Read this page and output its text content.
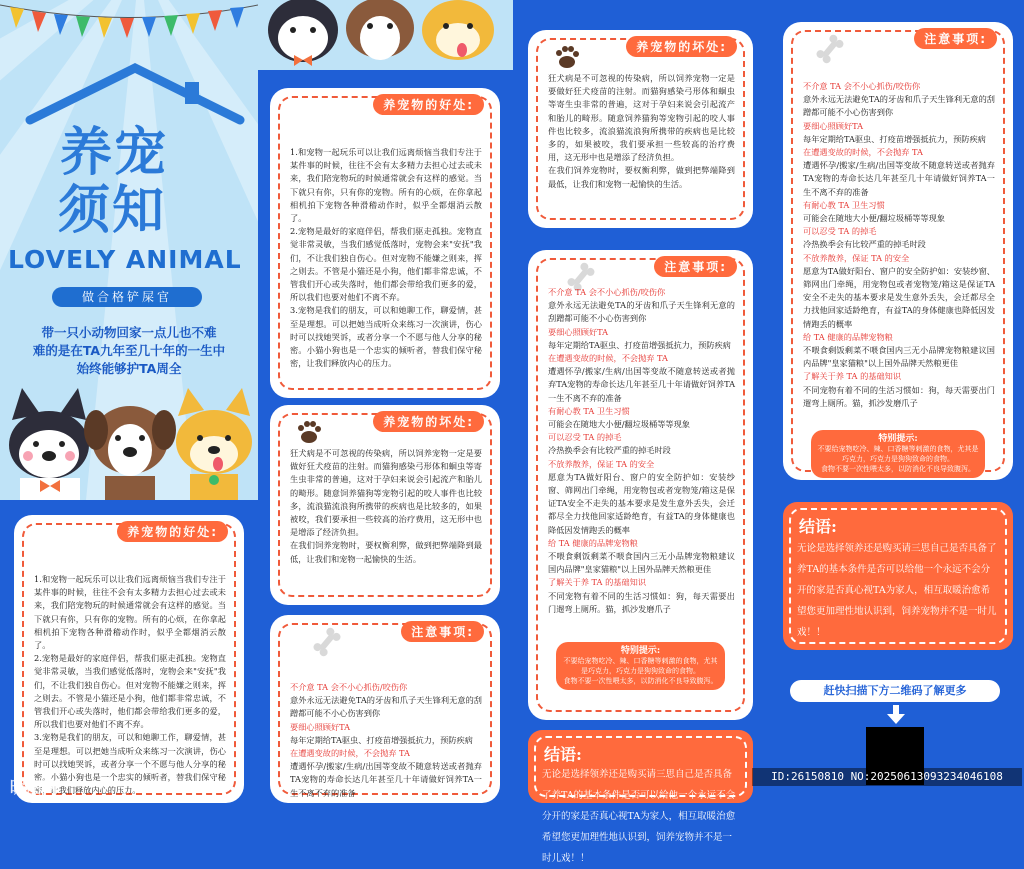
养宠
须知
LOVELY ANIMAL
做合格铲屎官
带一只小动物回家一点儿也不难
难的是在TA九年至几十年的一生中
始终能够护TA周全
养宠物的好处:

1.和宠物一起玩乐可以让我们远离烦恼当我们专注于某件事的时候，往往不会有太多精力去担心过去或未来，我们陪宠物玩的时候通常就会有这样的感觉。当下就只有你，只有你的宠物。所有的心烦，在你拿起相机拍下宠物各种滑稽动作时，似乎全都烟消云散了。

2.宠物是最好的家庭伴侣，帮我们驱走孤独。宠物直觉非常灵敏，当我们感觉低落时，宠物会来"安抚"我们，不让我们独自伤心。但对宠物不能嫌之则来，挥之则去。不管是小猫还是小狗，他们都非常忠诚，不管我们开心或失落时，他们都会带给我们更多的爱，所以我们也要对他们不离不弃。

3.宠物是我们的朋友，可以和她聊工作，聊爱情，甚至是理想。可以把她当成听众来练习一次演讲，伤心时可以找她哭诉，或者分享一个不愿与他人分享的秘密。小猫小狗也是一个忠实的倾听者，替我们保守秘密，让我们释放内心的压力。

养宠物的坏处:

狂犬病是不可忽视的传染病，所以饲养宠物一定是要做好狂犬疫苗的注射。而猫狗感染弓形体和蛔虫等寄生虫非常的普遍，这对于孕妇来说会引起流产和胎儿的畸形。随意饲养猫狗等宠物引起的咬人事件也比较多，流浪猫流浪狗所携带的疾病也是比较多的，如果被咬，我们要承担一些较高的治疗费用，这无形中也是增添了经济负担。

在我们饲养宠物时，要权衡利弊，做到把弊端降到最低，让我们和宠物一起愉快的生活。

注意事项:

不介意 TA 会不小心抓伤/咬伤你

意外永远无法避免TA的牙齿和爪子天生锋利无意的刮蹭都可能不小心伤害到你

要细心照顾好TA

每年定期给TA驱虫、打疫苗增强抵抗力，预防疾病

在遭遇变故的时候，不会抛弃 TA

遭遇怀孕/搬家/生病/出国等变故不随意转送或者抛弃TA宠物的寿命长达几年甚至几十年请做好饲养TA一生不离不弃的准备

养宠物的好处:

1.和宠物一起玩乐可以让我们远离烦恼当我们专注于某件事的时候，往往不会有太多精力去担心过去或未来，我们陪宠物玩的时候通常就会有这样的感觉。当下就只有你，只有你的宠物。所有的心烦，在你拿起相机拍下宠物各种滑稽动作时，似乎全都烟消云散了。

2.宠物是最好的家庭伴侣，帮我们驱走孤独。宠物直觉非常灵敏，当我们感觉低落时，宠物会来"安抚"我们，不让我们独自伤心。但对宠物不能嫌之则来，挥之则去。不管是小猫还是小狗，他们都非常忠诚，不管我们开心或失落时，他们都会带给我们更多的爱，所以我们也要对他们不离不弃。

3.宠物是我们的朋友，可以和她聊工作，聊爱情，甚至是理想。可以把她当成听众来练习一次演讲，伤心时可以找她哭诉，或者分享一个不愿与他人分享的秘密。小猫小狗也是一个忠实的倾听者，替我们保守秘密，让我们释放内心的压力。

养宠物的坏处:

狂犬病是不可忽视的传染病，所以饲养宠物一定是要做好狂犬疫苗的注射。而猫狗感染弓形体和蛔虫等寄生虫非常的普遍，这对于孕妇来说会引起流产和胎儿的畸形。随意饲养猫狗等宠物引起的咬人事件也比较多，流浪猫流浪狗所携带的疾病也是比较多的，如果被咬，我们要承担一些较高的治疗费用，这无形中也是增添了经济负担。

在我们饲养宠物时，要权衡利弊，做到把弊端降到最低，让我们和宠物一起愉快的生活。

注意事项:

不介意 TA 会不小心抓伤/咬伤你

意外永远无法避免TA的牙齿和爪子天生锋利无意的刮蹭都可能不小心伤害到你

要细心照顾好TA

每年定期给TA驱虫、打疫苗增强抵抗力，预防疾病

在遭遇变故的时候，不会抛弃 TA

遭遇怀孕/搬家/生病/出国等变故不随意转送或者抛弃TA宠物的寿命长达几年甚至几十年请做好饲养TA一生不离不弃的准备

有耐心教 TA 卫生习惯

可能会在随地大小便/翻垃圾桶等等现象

可以忍受 TA 的掉毛

冷热换季会有比较严重的掉毛时段

不放养散养，保证 TA 的安全

愿意为TA做好阳台、窗户的安全防护如：安装纱窗、筛网出门牵绳，用宠物包或者宠物笼/箱这是保证TA安全不走失的基本要求是发生意外丢失，会迁都尽全力找他回家适龄绝育，有益TA的身体健康也降低因发情跑丢的概率

给 TA 健康的品牌宠物粮

不喂食剩饭剩菜不喂食国内三无小品牌宠物粮建议国内品牌"皇家猫粮"以上国外品牌天然粮更佳

了解关于养 TA 的基础知识

不同宠物有着不同的生活习惯如：狗，每天需要出门遛弯上厕所。猫，抓沙发磨爪子

特别提示:
不要给宠物吃冷、辣、口香糖等刺激的食物，尤其是巧克力，巧克力是狗狗致命的食物。
食物不要一次性喂太多，以防消化不良导致腹泻。
结语:
无论是选择领养还是购买请三思自己是否具备了养TA的基本条件是否可以给他一个永远不会分开的家是否真心视TA为家人，相互取暖治愈希望您更加理性地认识到，饲养宠物并不是一时儿戏！！
注意事项:

不介意 TA 会不小心抓伤/咬伤你

意外永远无法避免TA的牙齿和爪子天生锋利无意的刮蹭都可能不小心伤害到你

要细心照顾好TA

每年定期给TA驱虫、打疫苗增强抵抗力，预防疾病

在遭遇变故的时候，不会抛弃 TA

遭遇怀孕/搬家/生病/出国等变故不随意转送或者抛弃TA宠物的寿命长达几年甚至几十年请做好饲养TA一生不离不弃的准备

有耐心教 TA 卫生习惯

可能会在随地大小便/翻垃圾桶等等现象

可以忍受 TA 的掉毛

冷热换季会有比较严重的掉毛时段

不放养散养，保证 TA 的安全

愿意为TA做好阳台、窗户的安全防护如：安装纱窗、筛网出门牵绳，用宠物包或者宠物笼/箱这是保证TA安全不走失的基本要求是发生意外丢失，会迁都尽全力找他回家适龄绝育，有益TA的身体健康也降低因发情跑丢的概率

给 TA 健康的品牌宠物粮

不喂食剩饭剩菜不喂食国内三无小品牌宠物粮建议国内品牌"皇家猫粮"以上国外品牌天然粮更佳

了解关于养 TA 的基础知识

不同宠物有着不同的生活习惯如：狗，每天需要出门遛弯上厕所。猫，抓沙发磨爪子

特别提示:
不要给宠物吃冷、辣、口香糖等刺激的食物，尤其是巧克力，巧克力是狗狗致命的食物。
食物不要一次性喂太多，以防消化不良导致腹泻。
结语:
无论是选择领养还是购买请三思自己是否具备了养TA的基本条件是否可以给他一个永远不会分开的家是否真心视TA为家人，相互取暖治愈希望您更加理性地认识到，饲养宠物并不是一时儿戏！！
赶快扫描下方二维码了解更多
昵图网
ID:26150810 NO:20250613093234046108
